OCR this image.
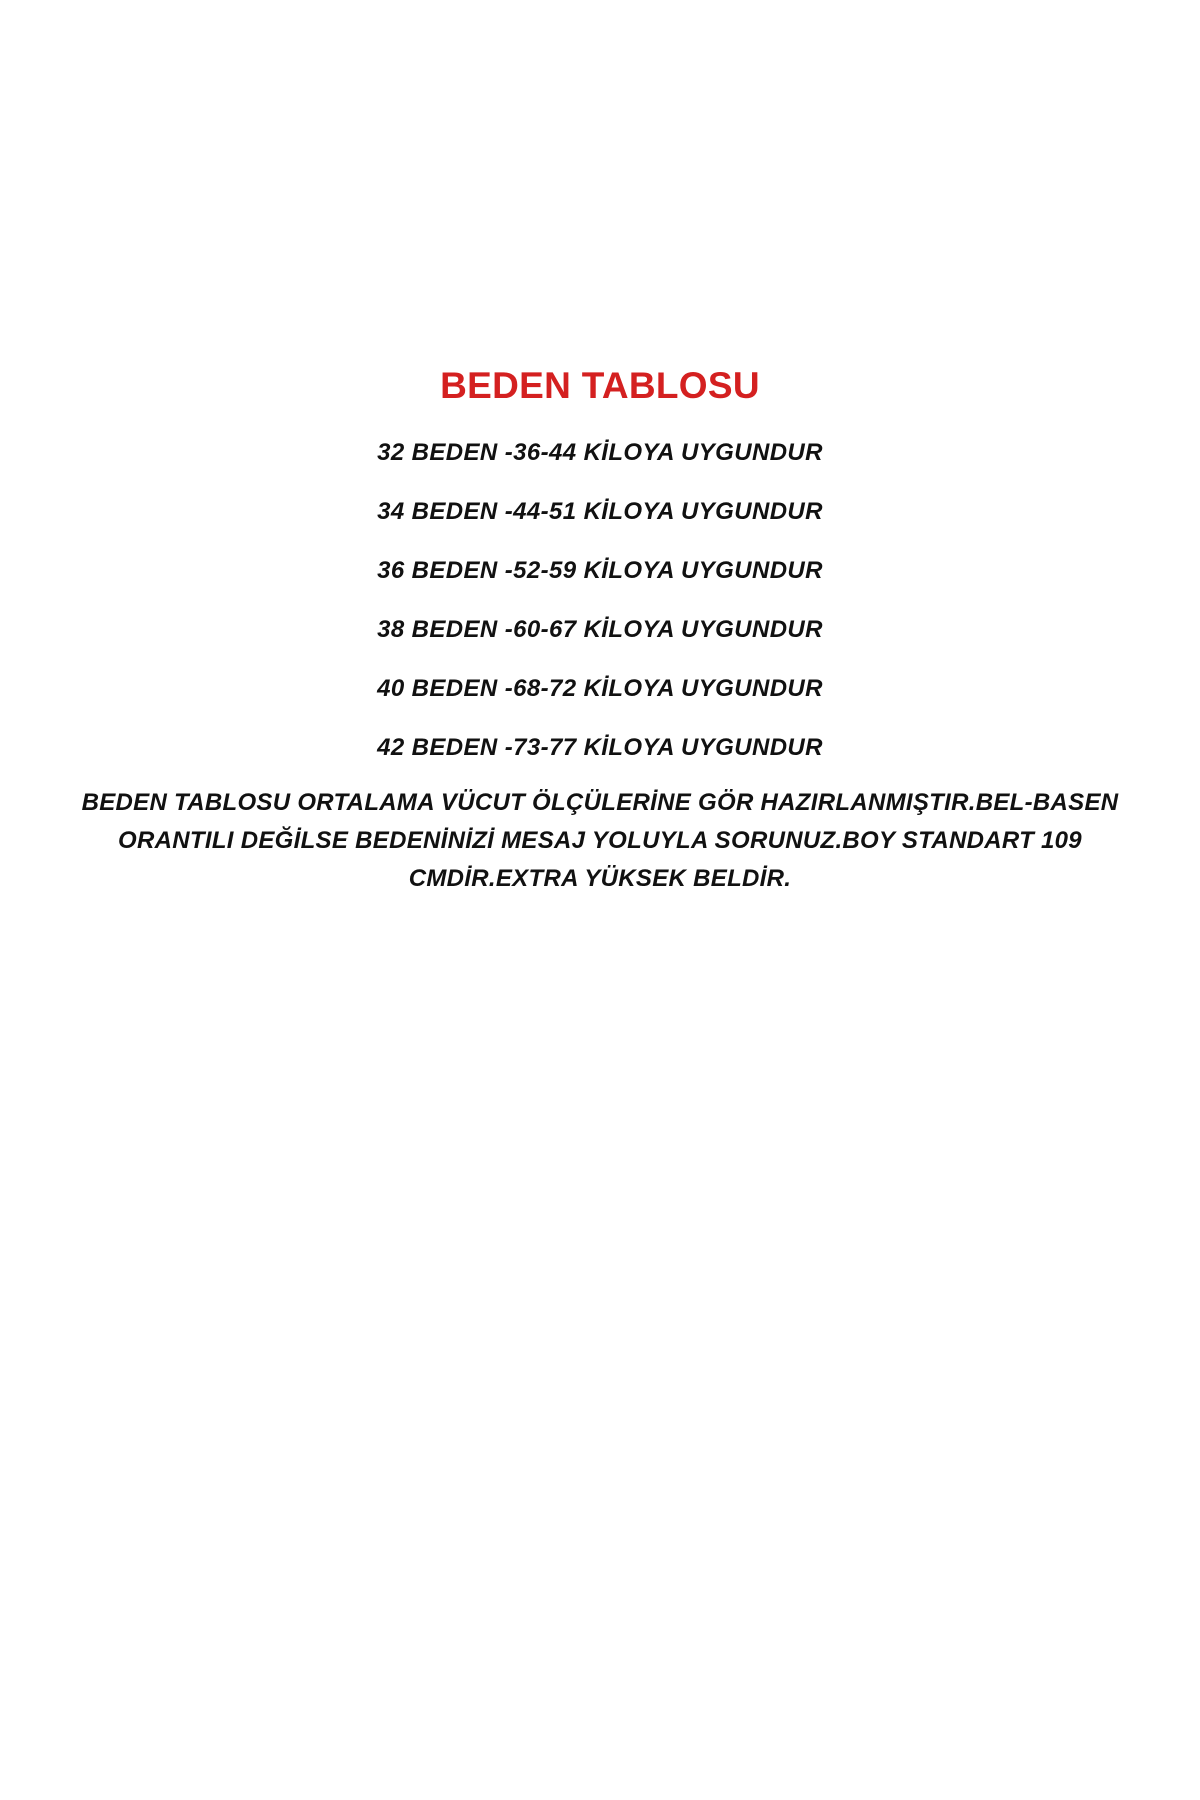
BEDEN TABLOSU
32 BEDEN -36-44 KİLOYA UYGUNDUR
34 BEDEN -44-51 KİLOYA UYGUNDUR
36 BEDEN -52-59 KİLOYA UYGUNDUR
38 BEDEN -60-67 KİLOYA UYGUNDUR
40 BEDEN -68-72 KİLOYA UYGUNDUR
42 BEDEN -73-77 KİLOYA UYGUNDUR
BEDEN TABLOSU ORTALAMA VÜCUT ÖLÇÜLERİNE GÖR HAZIRLANMIŞTIR.BEL-BASEN ORANTILI DEĞİLSE BEDENİNİZİ MESAJ YOLUYLA SORUNUZ.BOY STANDART 109 CMDİR.EXTRA YÜKSEK BELDİR.
